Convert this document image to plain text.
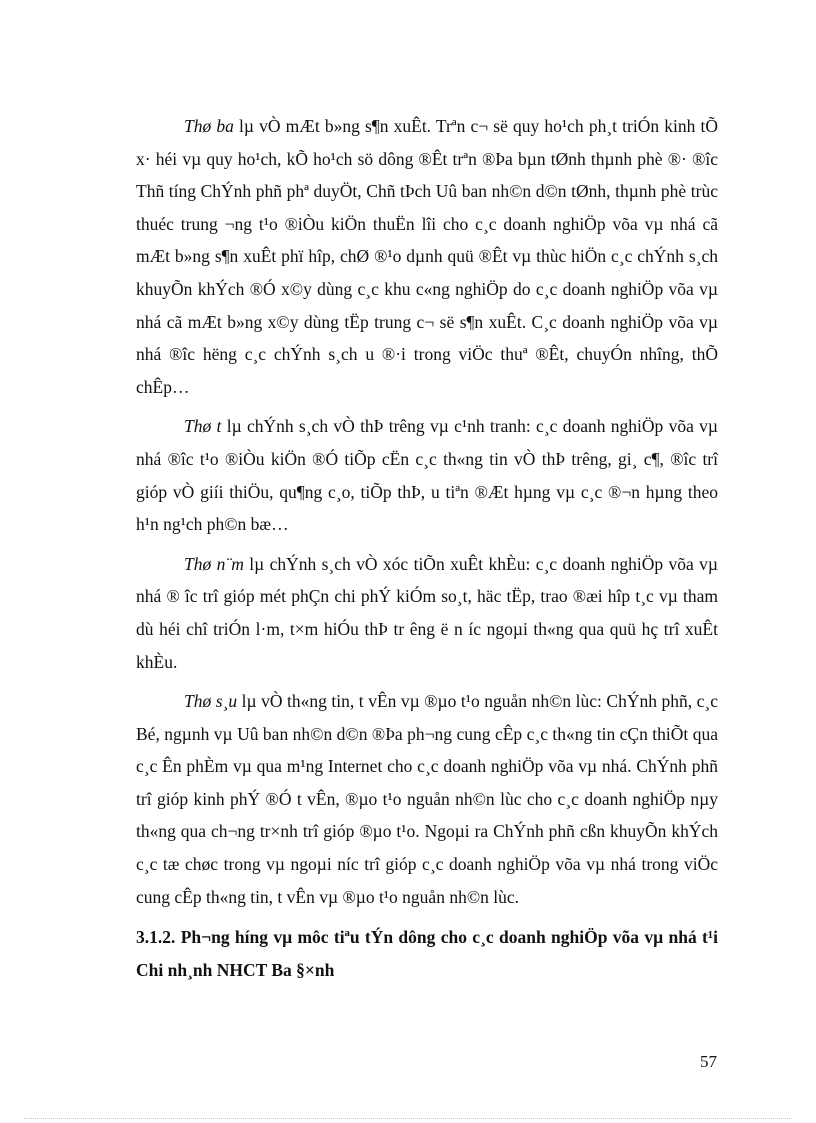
Thø ba lµ vÒ mÆt b»ng s¶n xuÊt. Trªn c¬ së quy ho¹ch ph¸t triÓn kinh tÕ x· héi vµ quy ho¹ch, kÕ ho¹ch sö dông ®Êt trªn ®Þa bµn tØnh thµnh phè ®· ®îc Thñ tíng ChÝnh phñ phª duyÖt, Chñ tÞch Uû ban nh©n d©n tØnh, thµnh phè trùc thuéc trung ¬ng t¹o ®iÒu kiÖn thuËn lîi cho c¸c doanh nghiÖp võa vµ nhá cã mÆt b»ng s¶n xuÊt phï hîp, chØ ®¹o dµnh quü ®Êt vµ thùc hiÖn c¸c chÝnh s¸ch khuyÕn khÝch ®Ó x©y dùng c¸c khu c«ng nghiÖp do c¸c doanh nghiÖp võa vµ nhá cã mÆt b»ng x©y dùng tËp trung c¬ së s¶n xuÊt. C¸c doanh nghiÖp võa vµ nhá ®îc hëng c¸c chÝnh s¸ch u ®·i trong viÖc thuª ®Êt, chuyÓn nhîng, thÕ chÊp…

Thø t lµ chÝnh s¸ch vÒ thÞ trêng vµ c¹nh tranh: c¸c doanh nghiÖp võa vµ nhá ®îc t¹o ®iÒu kiÖn ®Ó tiÕp cËn c¸c th«ng tin vÒ thÞ trêng, gi¸ c¶, ®îc trî gióp vÒ giíi thiÖu, qu¶ng c¸o, tiÕp thÞ, u tiªn ®Æt hµng vµ c¸c ®¬n hµng theo h¹n ng¹ch ph©n bæ…

Thø n¨m lµ chÝnh s¸ch vÒ xóc tiÕn xuÊt khÈu: c¸c doanh nghiÖp võa vµ nhá ® îc trî gióp mét phÇn chi phÝ kiÓm so¸t, häc tËp, trao ®æi hîp t¸c vµ tham dù héi chî triÓn l·m, t×m hiÓu thÞ tr êng ë n íc ngoµi th«ng qua quü hç trî xuÊt khÈu.

Thø s¸u lµ vÒ th«ng tin, t vÊn vµ ®µo t¹o nguån nh©n lùc: ChÝnh phñ, c¸c Bé, ngµnh vµ Uû ban nh©n d©n ®Þa ph¬ng cung cÊp c¸c th«ng tin cÇn thiÕt qua c¸c Ên phÈm vµ qua m¹ng Internet cho c¸c doanh nghiÖp võa vµ nhá. ChÝnh phñ trî gióp kinh phÝ ®Ó t vÊn, ®µo t¹o nguån nh©n lùc cho c¸c doanh nghiÖp nµy th«ng qua ch¬ng tr×nh trî gióp ®µo t¹o. Ngoµi ra ChÝnh phñ cßn khuyÕn khÝch c¸c tæ chøc trong vµ ngoµi níc trî gióp c¸c doanh nghiÖp võa vµ nhá trong viÖc cung cÊp th«ng tin, t vÊn vµ ®µo t¹o nguån nh©n lùc.

3.1.2. Ph¬ng híng vµ môc tiªu tÝn dông cho c¸c doanh nghiÖp võa vµ nhá t¹i Chi nh¸nh NHCT Ba §×nh

57
